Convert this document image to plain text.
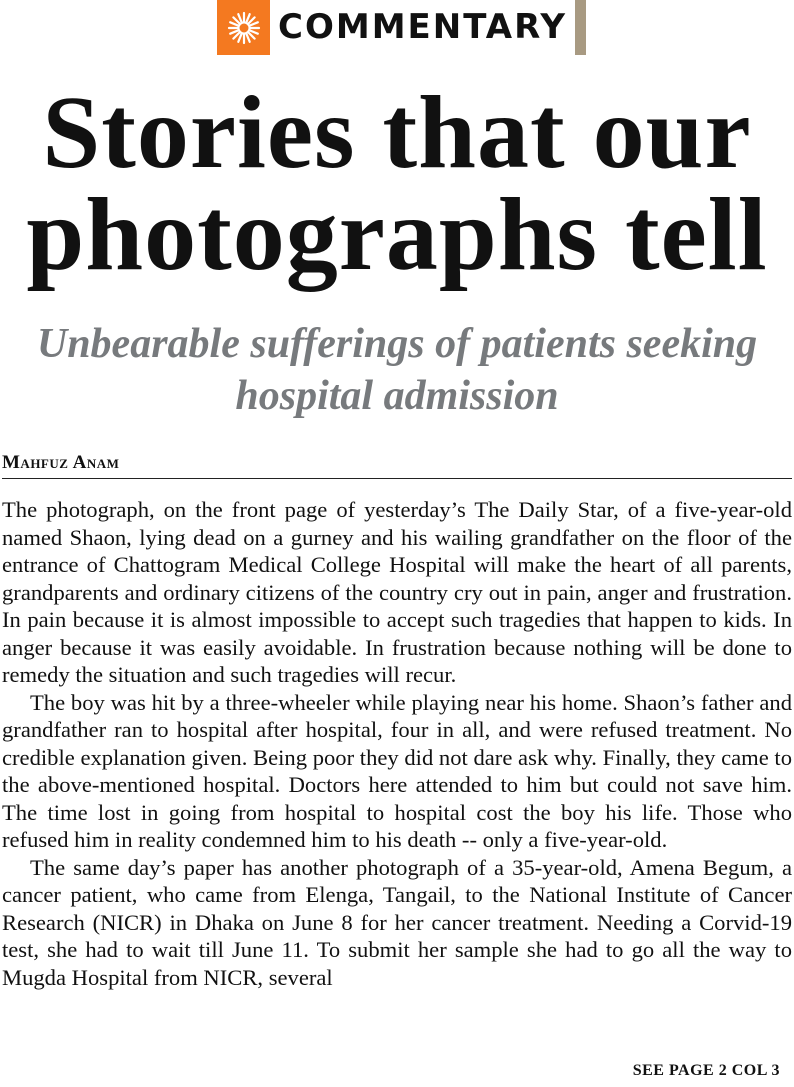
COMMENTARY
Stories that our photographs tell
Unbearable sufferings of patients seeking hospital admission
Mahfuz Anam

The photograph, on the front page of yesterday’s The Daily Star, of a five-year-old named Shaon, lying dead on a gurney and his wailing grandfather on the floor of the entrance of Chattogram Medical College Hospital will make the heart of all parents, grandparents and ordinary citizens of the country cry out in pain, anger and frustration. In pain because it is almost impossible to accept such tragedies that happen to kids. In anger because it was easily avoidable. In frustration because nothing will be done to remedy the situation and such tragedies will recur.

The boy was hit by a three-wheeler while playing near his home. Shaon’s father and grandfather ran to hospital after hospital, four in all, and were refused treatment. No credible explanation given. Being poor they did not dare ask why. Finally, they came to the above-mentioned hospital. Doctors here attended to him but could not save him. The time lost in going from hospital to hospital cost the boy his life. Those who refused him in reality condemned him to his death -- only a five-year-old.

The same day’s paper has another photograph of a 35-year-old, Amena Begum, a cancer patient, who came from Elenga, Tangail, to the National Institute of Cancer Research (NICR) in Dhaka on June 8 for her cancer treatment. Needing a Corvid-19 test, she had to wait till June 11. To submit her sample she had to go all the way to Mugda Hospital from NICR, several

SEE PAGE 2 COL 3
